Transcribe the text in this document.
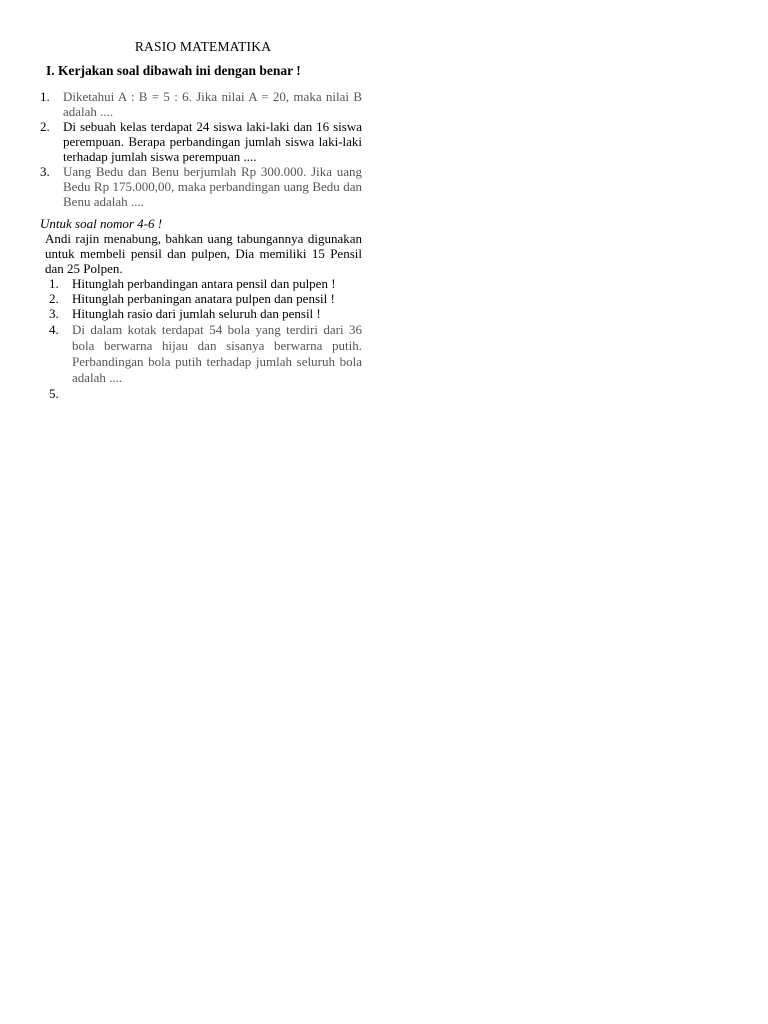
RASIO MATEMATIKA
I. Kerjakan soal dibawah ini dengan benar !
1. Diketahui A : B = 5 : 6. Jika nilai A = 20, maka nilai B adalah ....
2. Di sebuah kelas terdapat 24 siswa laki-laki dan 16 siswa perempuan. Berapa perbandingan jumlah siswa laki-laki terhadap jumlah siswa perempuan ....
3. Uang Bedu dan Benu berjumlah Rp 300.000. Jika uang Bedu Rp 175.000,00, maka perbandingan uang Bedu dan Benu adalah ....
Untuk soal nomor 4-6 !
Andi rajin menabung, bahkan uang tabungannya digunakan untuk membeli pensil dan pulpen, Dia memiliki 15 Pensil dan 25 Polpen.
1. Hitunglah perbandingan antara pensil dan pulpen !
2. Hitunglah perbaningan anatara pulpen dan pensil !
3. Hitunglah rasio dari jumlah seluruh dan pensil !
4. Di dalam kotak terdapat 54 bola yang terdiri dari 36 bola berwarna hijau dan sisanya berwarna putih. Perbandingan bola putih terhadap jumlah seluruh bola adalah ....
5.
